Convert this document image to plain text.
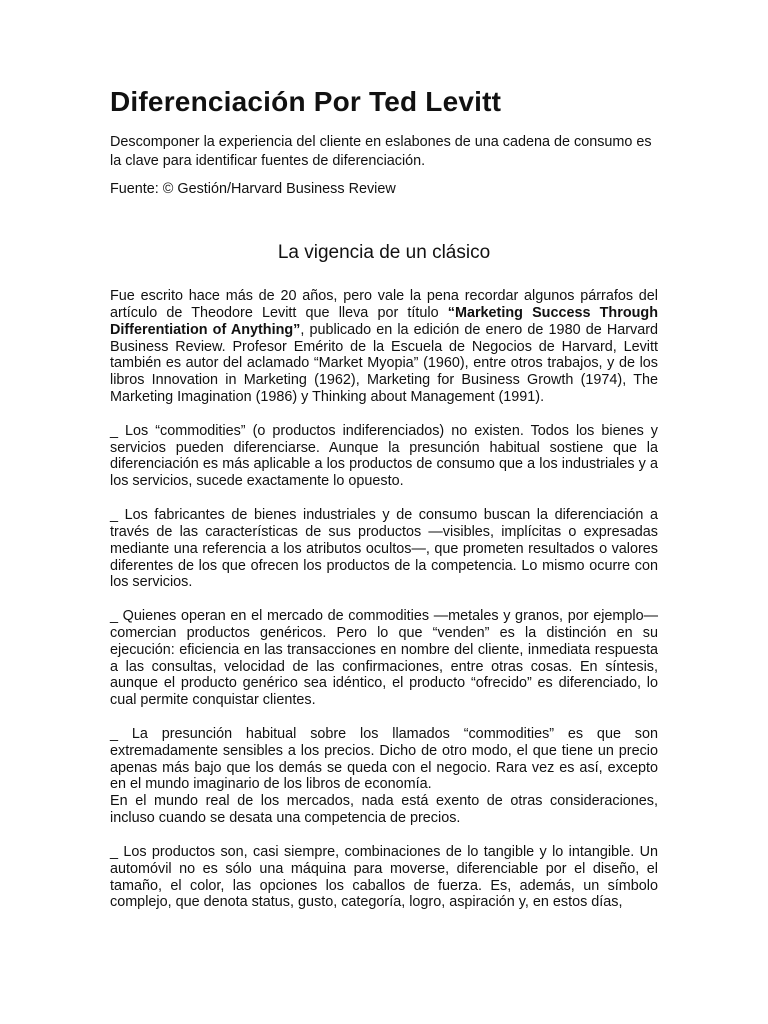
Diferenciación Por Ted Levitt

Descomponer la experiencia del cliente en eslabones de una cadena de consumo es la clave para identificar fuentes de diferenciación.

Fuente: © Gestión/Harvard Business Review

La vigencia de un clásico

Fue escrito hace más de 20 años, pero vale la pena recordar algunos párrafos del artículo de Theodore Levitt que lleva por título “Marketing Success Through Differentiation of Anything”, publicado en la edición de enero de 1980 de Harvard Business Review. Profesor Emérito de la Escuela de Negocios de Harvard, Levitt también es autor del aclamado “Market Myopia” (1960), entre otros trabajos, y de los libros Innovation in Marketing (1962), Marketing for Business Growth (1974), The Marketing Imagination (1986) y Thinking about Management (1991).

_ Los “commodities” (o productos indiferenciados) no existen. Todos los bienes y servicios pueden diferenciarse. Aunque la presunción habitual sostiene que la diferenciación es más aplicable a los productos de consumo que a los industriales y a los servicios, sucede exactamente lo opuesto.

_ Los fabricantes de bienes industriales y de consumo buscan la diferenciación a través de las características de sus productos —visibles, implícitas o expresadas mediante una referencia a los atributos ocultos—, que prometen resultados o valores diferentes de los que ofrecen los productos de la competencia. Lo mismo ocurre con los servicios.

_ Quienes operan en el mercado de commodities —metales y granos, por ejemplo— comercian productos genéricos. Pero lo que “venden” es la distinción en su ejecución: eficiencia en las transacciones en nombre del cliente, inmediata respuesta a las consultas, velocidad de las confirmaciones, entre otras cosas. En síntesis, aunque el producto genérico sea idéntico, el producto “ofrecido” es diferenciado, lo cual permite conquistar clientes.

_ La presunción habitual sobre los llamados “commodities” es que son extremadamente sensibles a los precios. Dicho de otro modo, el que tiene un precio apenas más bajo que los demás se queda con el negocio. Rara vez es así, excepto en el mundo imaginario de los libros de economía.
En el mundo real de los mercados, nada está exento de otras consideraciones, incluso cuando se desata una competencia de precios.

_ Los productos son, casi siempre, combinaciones de lo tangible y lo intangible. Un automóvil no es sólo una máquina para moverse, diferenciable por el diseño, el tamaño, el color, las opciones los caballos de fuerza. Es, además, un símbolo complejo, que denota status, gusto, categoría, logro, aspiración y, en estos días,
